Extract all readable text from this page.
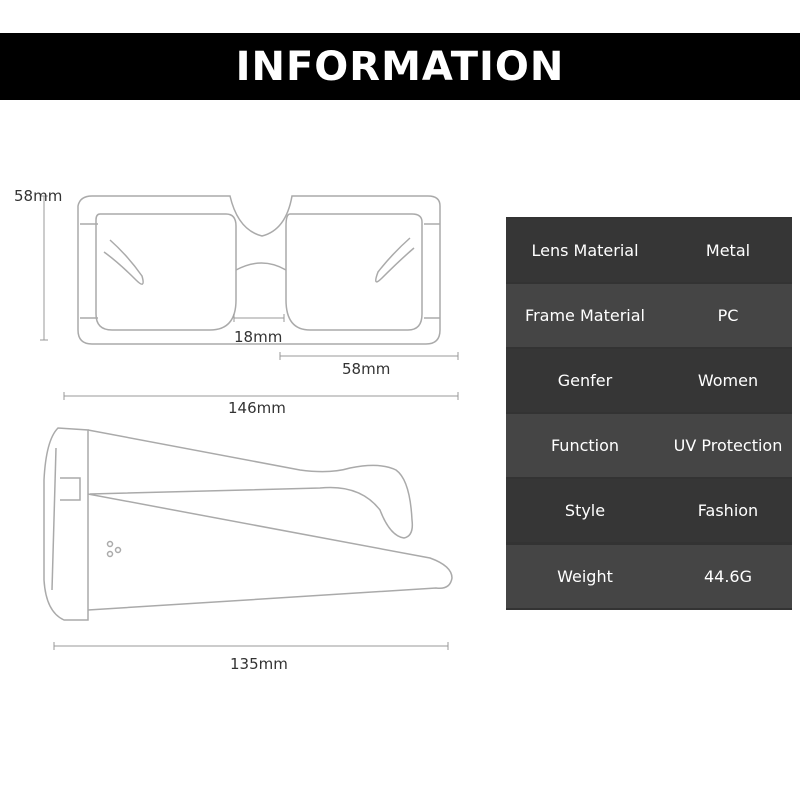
INFORMATION
58mm
18mm
58mm
146mm
135mm
Lens Material	Metal
Frame Material	PC
Genfer	Women
Function	UV Protection
Style	Fashion
Weight	44.6G
